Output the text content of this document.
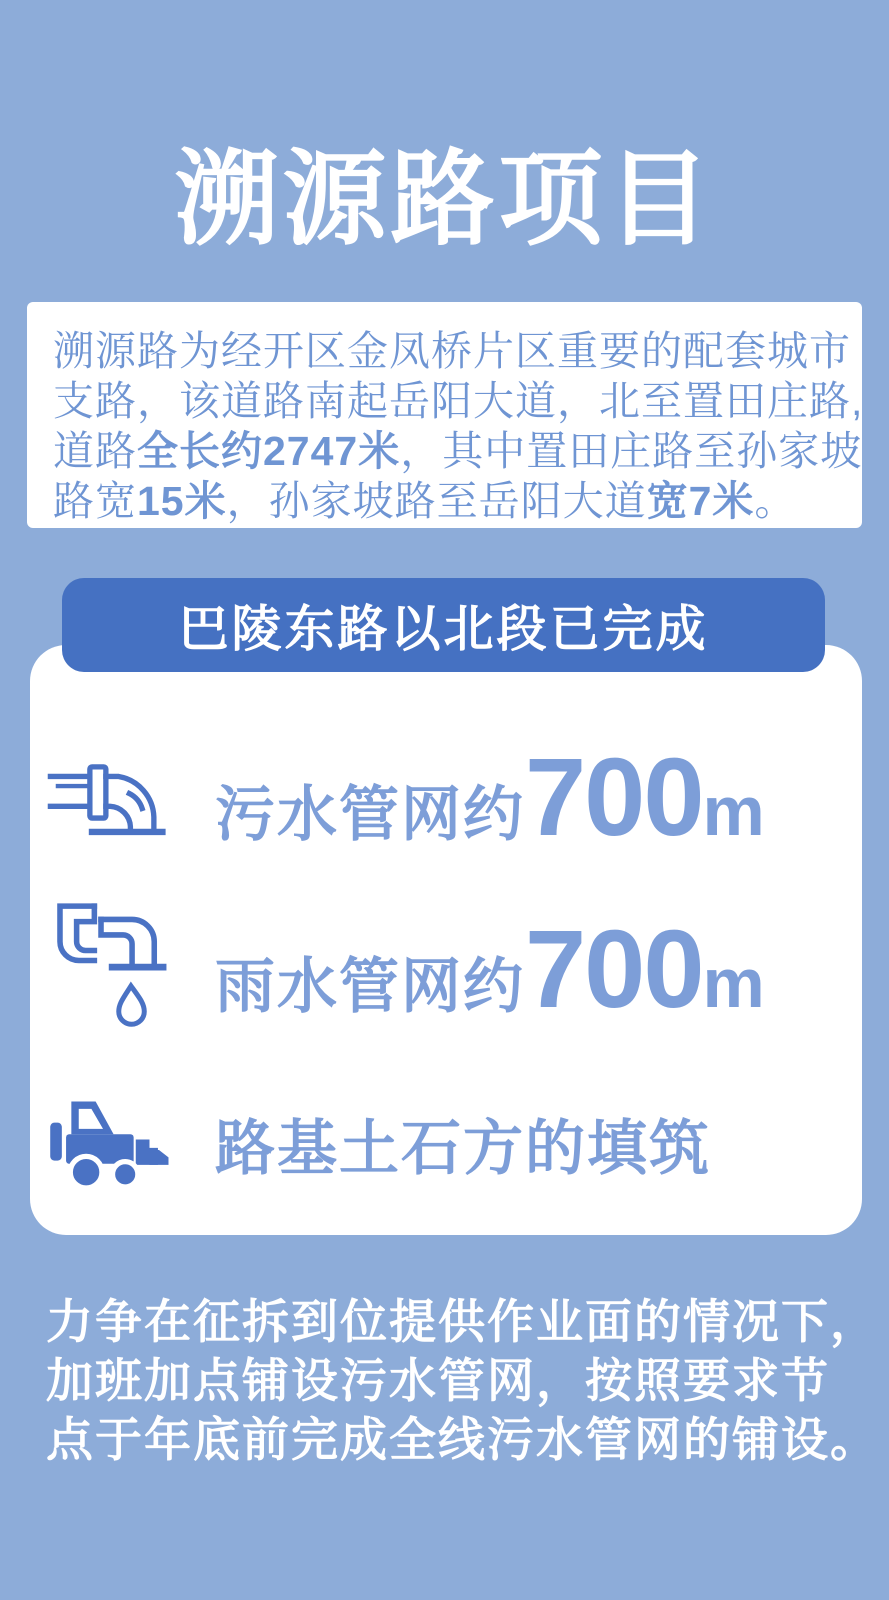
溯源路项目
溯源路为经开区金凤桥片区重要的配套城市
支路，该道路南起岳阳大道，北至置田庄路,
道路全长约2747米，其中置田庄路至孙家坡
路宽15米，孙家坡路至岳阳大道宽7米。
巴陵东路以北段已完成
污水管网约700m
雨水管网约700m
路基土石方的填筑
力争在征拆到位提供作业面的情况下，
加班加点铺设污水管网，按照要求节
点于年底前完成全线污水管网的铺设。
